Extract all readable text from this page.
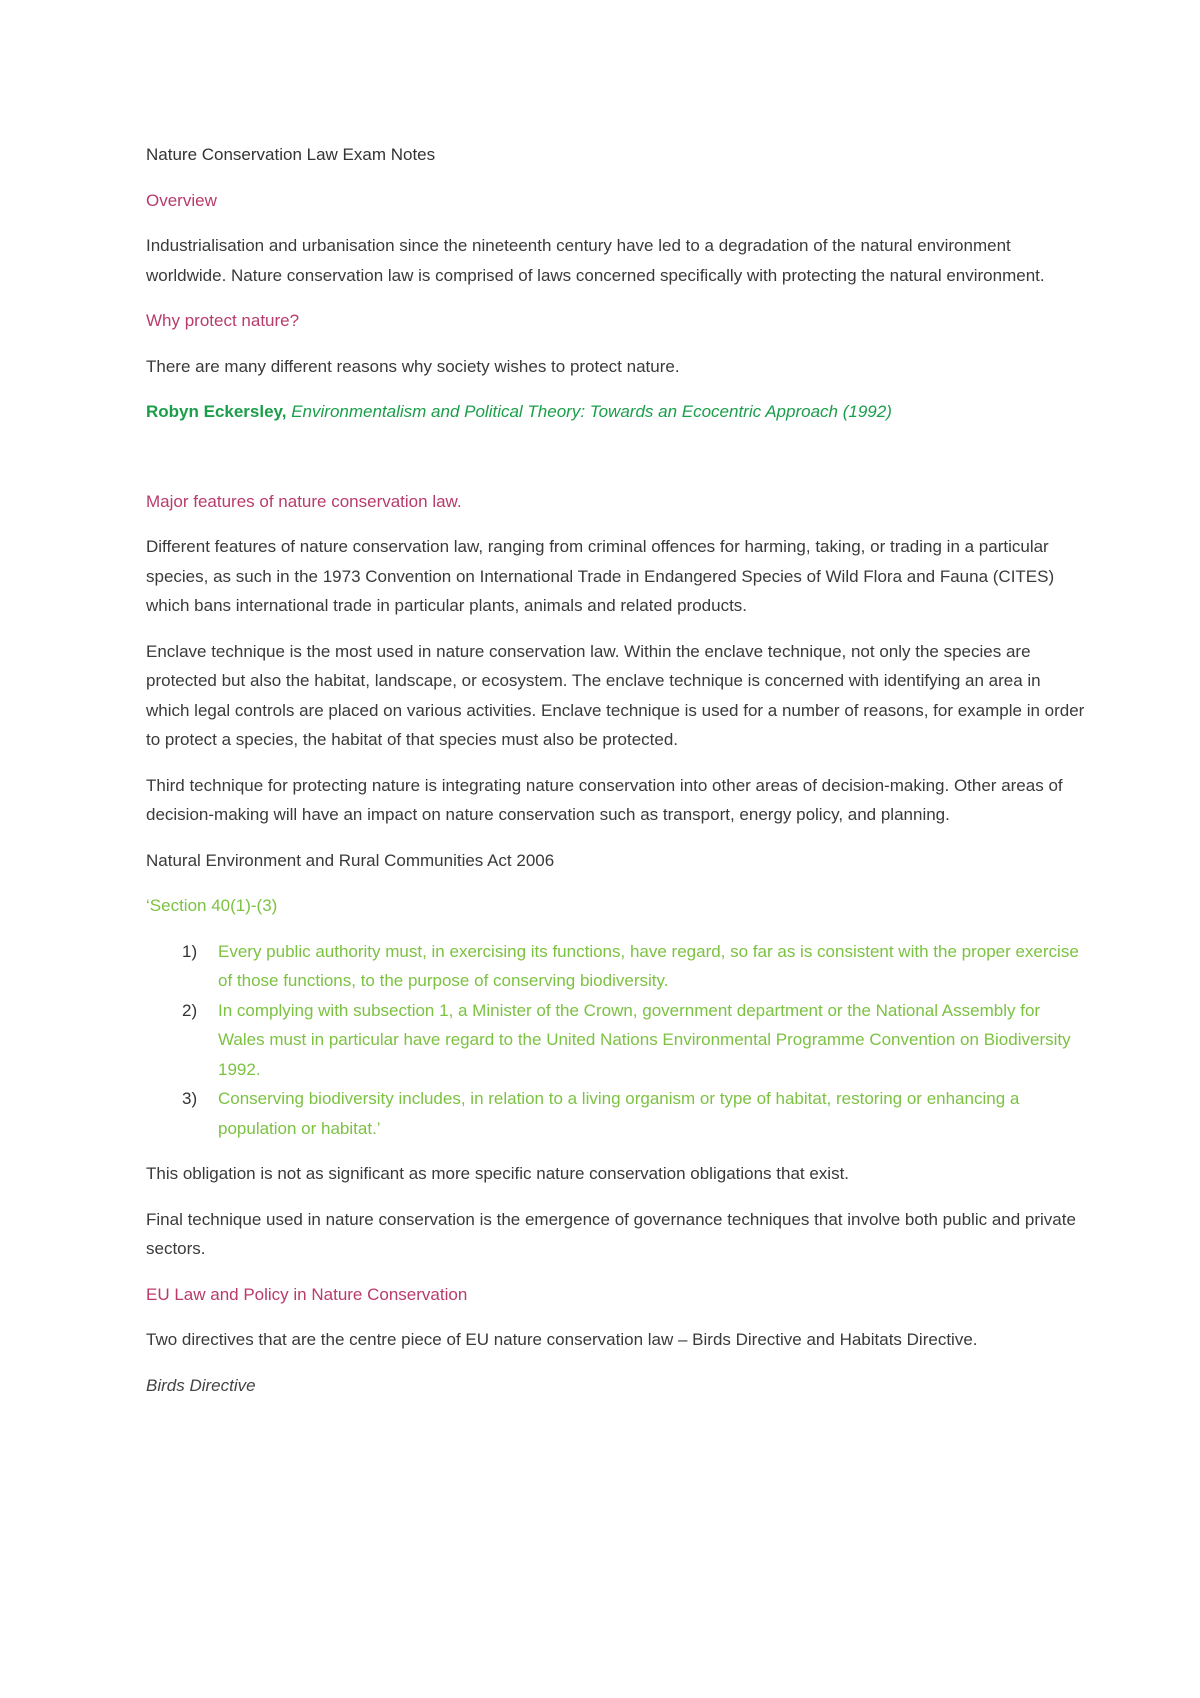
Nature Conservation Law Exam Notes

Overview

Industrialisation and urbanisation since the nineteenth century have led to a degradation of the natural environment worldwide. Nature conservation law is comprised of laws concerned specifically with protecting the natural environment.

Why protect nature?

There are many different reasons why society wishes to protect nature.

Robyn Eckersley, Environmentalism and Political Theory: Towards an Ecocentric Approach (1992)

Major features of nature conservation law.

Different features of nature conservation law, ranging from criminal offences for harming, taking, or trading in a particular species, as such in the 1973 Convention on International Trade in Endangered Species of Wild Flora and Fauna (CITES) which bans international trade in particular plants, animals and related products.

Enclave technique is the most used in nature conservation law. Within the enclave technique, not only the species are protected but also the habitat, landscape, or ecosystem. The enclave technique is concerned with identifying an area in which legal controls are placed on various activities. Enclave technique is used for a number of reasons, for example in order to protect a species, the habitat of that species must also be protected.

Third technique for protecting nature is integrating nature conservation into other areas of decision-making. Other areas of decision-making will have an impact on nature conservation such as transport, energy policy, and planning.

Natural Environment and Rural Communities Act 2006

‘Section 40(1)-(3)

1) Every public authority must, in exercising its functions, have regard, so far as is consistent with the proper exercise of those functions, to the purpose of conserving biodiversity.
2) In complying with subsection 1, a Minister of the Crown, government department or the National Assembly for Wales must in particular have regard to the United Nations Environmental Programme Convention on Biodiversity 1992.
3) Conserving biodiversity includes, in relation to a living organism or type of habitat, restoring or enhancing a population or habitat.’

This obligation is not as significant as more specific nature conservation obligations that exist.

Final technique used in nature conservation is the emergence of governance techniques that involve both public and private sectors.

EU Law and Policy in Nature Conservation

Two directives that are the centre piece of EU nature conservation law – Birds Directive and Habitats Directive.

Birds Directive
